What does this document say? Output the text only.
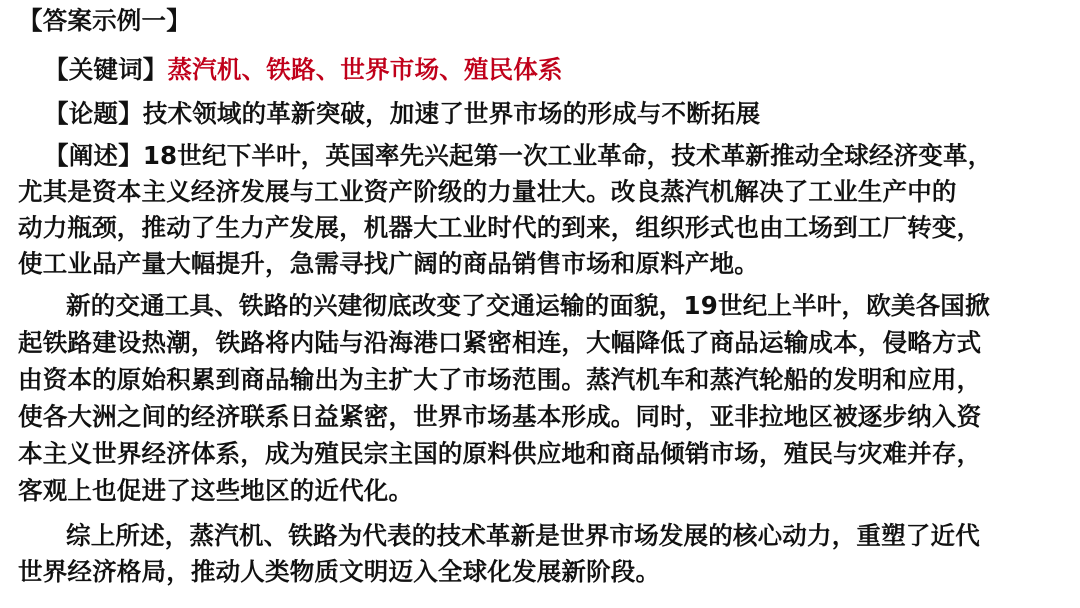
【答案示例一】
【关键词】蒸汽机、铁路、世界市场、殖民体系
【论题】技术领域的革新突破，加速了世界市场的形成与不断拓展
【阐述】18世纪下半叶，英国率先兴起第一次工业革命，技术革新推动全球经济变革，
尤其是资本主义经济发展与工业资产阶级的力量壮大。改良蒸汽机解决了工业生产中的
动力瓶颈，推动了生力产发展，机器大工业时代的到来，组织形式也由工场到工厂转变，
使工业品产量大幅提升，急需寻找广阔的商品销售市场和原料产地。
新的交通工具、铁路的兴建彻底改变了交通运输的面貌，19世纪上半叶，欧美各国掀
起铁路建设热潮，铁路将内陆与沿海港口紧密相连，大幅降低了商品运输成本，侵略方式
由资本的原始积累到商品输出为主扩大了市场范围。蒸汽机车和蒸汽轮船的发明和应用，
使各大洲之间的经济联系日益紧密，世界市场基本形成。同时，亚非拉地区被逐步纳入资
本主义世界经济体系，成为殖民宗主国的原料供应地和商品倾销市场，殖民与灾难并存，
客观上也促进了这些地区的近代化。
综上所述，蒸汽机、铁路为代表的技术革新是世界市场发展的核心动力，重塑了近代
世界经济格局，推动人类物质文明迈入全球化发展新阶段。
